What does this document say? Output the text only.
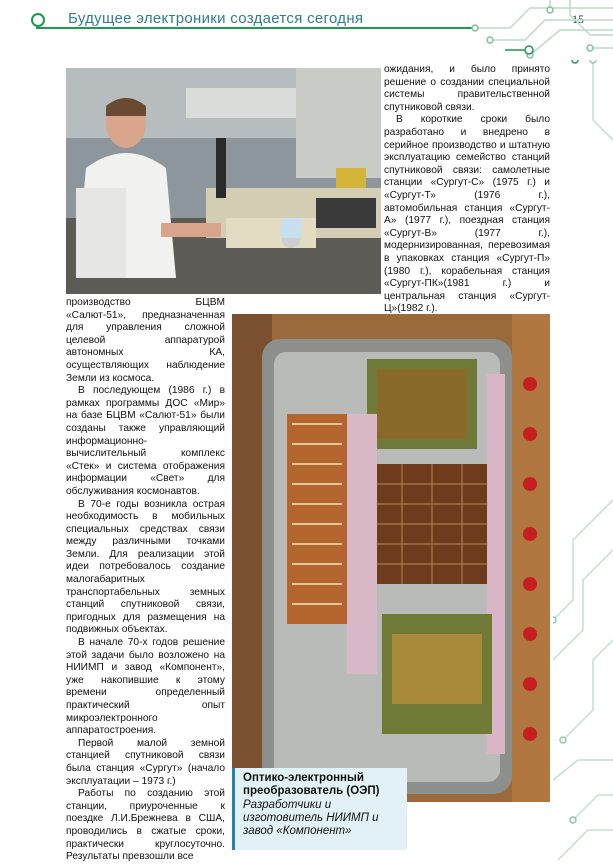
Будущее электроники создается сегодня	15

ожидания, и было принято решение о создании специальной системы правительственной спутниковой связи.

В короткие сроки было разработано и внедрено в серийное производство и штатную эксплуатацию семейство станций спутниковой связи: самолетные станции «Сургут-С» (1975 г.) и «Сургут-Т» (1976 г.), автомобильная станция «Сургут-А» (1977 г.), поездная станция «Сургут-В» (1977 г.), модернизированная, перевозимая в упаковках станция «Сургут-П» (1980 г.), корабельная станция «Сургут-ПК»(1981 г.) и центральная станция «Сургут-Ц»(1982 г.).

производство БЦВМ «Салют-51», предназначенная для управления сложной целевой аппаратурой автономных КА, осуществляющих наблюдение Земли из космоса.

В последующем (1986 г.) в рамках программы ДОС «Мир» на базе БЦВМ «Салют-51» были созданы также управляющий информационно-вычислительный комплекс «Стек» и система отображения информации «Свет» для обслуживания космонавтов.

В 70-е годы возникла острая необходимость в мобильных специальных средствах связи между различными точками Земли. Для реализации этой идеи потребовалось создание малогабаритных транспортабельных земных станций спутниковой связи, пригодных для размещения на подвижных объектах.

В начале 70-х годов решение этой задачи было возложено на НИИМП и завод «Компонент», уже накопившие к этому времени определенный практический опыт микроэлектронного аппаратостроения.

Первой малой земной станцией спутниковой связи была станция «Сургут» (начало эксплуатации – 1973 г.)

Работы по созданию этой станции, приуроченные к поездке Л.И.Брежнева в США, проводились в сжатые сроки, практически круглосуточно. Результаты превзошли все

Оптико-электронный преобразователь (ОЭП)
Разработчики и изготовитель НИИМП и завод «Компонент»
